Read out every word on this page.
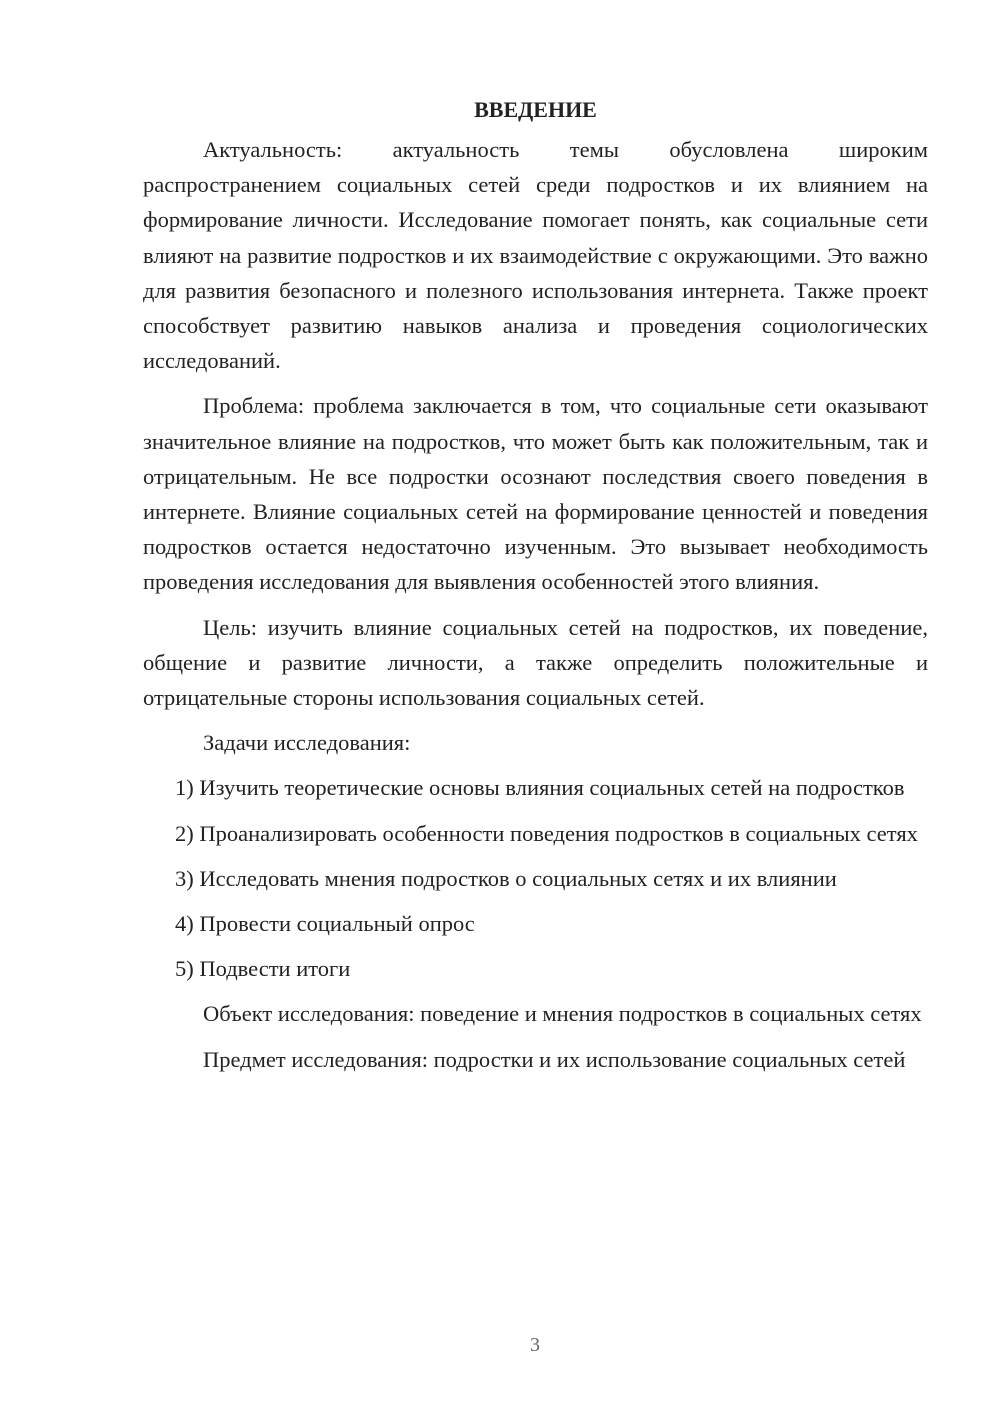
ВВЕДЕНИЕ

Актуальность: актуальность темы обусловлена широким распространением социальных сетей среди подростков и их влиянием на формирование личности. Исследование помогает понять, как социальные сети влияют на развитие подростков и их взаимодействие с окружающими. Это важно для развития безопасного и полезного использования интернета. Также проект способствует развитию навыков анализа и проведения социологических исследований.

Проблема: проблема заключается в том, что социальные сети оказывают значительное влияние на подростков, что может быть как положительным, так и отрицательным. Не все подростки осознают последствия своего поведения в интернете. Влияние социальных сетей на формирование ценностей и поведения подростков остается недостаточно изученным. Это вызывает необходимость проведения исследования для выявления особенностей этого влияния.

Цель: изучить влияние социальных сетей на подростков, их поведение, общение и развитие личности, а также определить положительные и отрицательные стороны использования социальных сетей.

Задачи исследования:

1) Изучить теоретические основы влияния социальных сетей на подростков

2) Проанализировать особенности поведения подростков в социальных сетях

3) Исследовать мнения подростков о социальных сетях и их влиянии

4) Провести социальный опрос

5) Подвести итоги

Объект исследования: поведение и мнения подростков в социальных сетях

Предмет исследования: подростки и их использование социальных сетей

3
